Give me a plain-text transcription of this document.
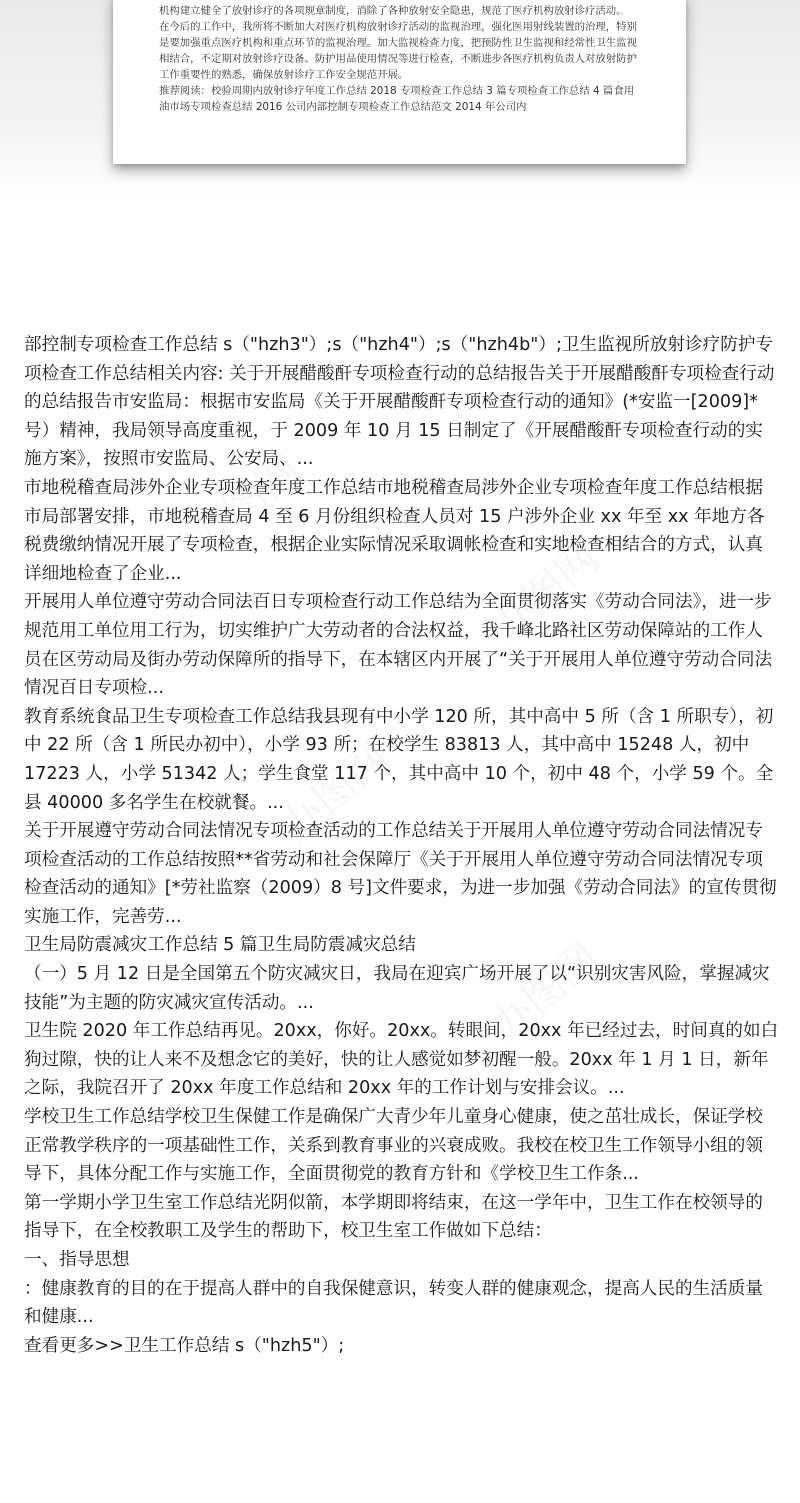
机构建立健全了放射诊疗的各项规章制度，消除了各种放射安全隐患，规范了医疗机构放射诊疗活动。

在今后的工作中，我所将不断加大对医疗机构放射诊疗活动的监视治理，强化医用射线装置的治理，特别是要加强重点医疗机构和重点环节的监视治理。加大监视检查力度，把预防性卫生监视和经常性卫生监视相结合，不定期对放射诊疗设备、防护用品使用情况等进行检查，不断进步各医疗机构负责人对放射防护工作重要性的熟悉，确保放射诊疗工作安全规范开展。

推荐阅读：校验周期内放射诊疗年度工作总结 2018 专项检查工作总结 3 篇专项检查工作总结 4 篇食用油市场专项检查总结 2016 公司内部控制专项检查工作总结范文 2014 年公司内

部控制专项检查工作总结 s（"hzh3"）;s（"hzh4"）;s（"hzh4b"）;卫生监视所放射诊疗防护专项检查工作总结相关内容: 关于开展醋酸酐专项检查行动的总结报告关于开展醋酸酐专项检查行动的总结报告市安监局：根据市安监局《关于开展醋酸酐专项检查行动的通知》(*安监一[2009]*号）精神，我局领导高度重视，于 2009 年 10 月 15 日制定了《开展醋酸酐专项检查行动的实施方案》，按照市安监局、公安局、...

市地税稽查局涉外企业专项检查年度工作总结市地税稽查局涉外企业专项检查年度工作总结根据市局部署安排，市地税稽查局 4 至 6 月份组织检查人员对 15 户涉外企业 xx 年至 xx 年地方各税费缴纳情况开展了专项检查，根据企业实际情况采取调帐检查和实地检查相结合的方式，认真详细地检查了企业...

开展用人单位遵守劳动合同法百日专项检查行动工作总结为全面贯彻落实《劳动合同法》，进一步规范用工单位用工行为，切实维护广大劳动者的合法权益，我千峰北路社区劳动保障站的工作人员在区劳动局及街办劳动保障所的指导下，在本辖区内开展了“关于开展用人单位遵守劳动合同法情况百日专项检...

教育系统食品卫生专项检查工作总结我县现有中小学 120 所，其中高中 5 所（含 1 所职专），初中 22 所（含 1 所民办初中），小学 93 所；在校学生 83813 人，其中高中 15248 人，初中 17223 人，小学 51342 人；学生食堂 117 个，其中高中 10 个，初中 48 个，小学 59 个。全县 40000 多名学生在校就餐。...

关于开展遵守劳动合同法情况专项检查活动的工作总结关于开展用人单位遵守劳动合同法情况专项检查活动的工作总结按照**省劳动和社会保障厅《关于开展用人单位遵守劳动合同法情况专项检查活动的通知》[*劳社监察（2009）8 号]文件要求，为进一步加强《劳动合同法》的宣传贯彻实施工作，完善劳...

卫生局防震减灾工作总结 5 篇卫生局防震减灾总结

（一）5 月 12 日是全国第五个防灾减灾日，我局在迎宾广场开展了以“识别灾害风险，掌握减灾技能”为主题的防灾减灾宣传活动。...

卫生院 2020 年工作总结再见。20xx，你好。20xx。转眼间，20xx 年已经过去，时间真的如白狗过隙，快的让人来不及想念它的美好，快的让人感觉如梦初醒一般。20xx 年 1 月 1 日，新年之际，我院召开了 20xx 年度工作总结和 20xx 年的工作计划与安排会议。...

学校卫生工作总结学校卫生保健工作是确保广大青少年儿童身心健康，使之茁壮成长，保证学校正常教学秩序的一项基础性工作，关系到教育事业的兴衰成败。我校在校卫生工作领导小组的领导下，具体分配工作与实施工作，全面贯彻党的教育方针和《学校卫生工作条...

第一学期小学卫生室工作总结光阴似箭，本学期即将结束，在这一学年中，卫生工作在校领导的指导下，在全校教职工及学生的帮助下，校卫生室工作做如下总结：

一、指导思想

：健康教育的目的在于提高人群中的自我保健意识，转变人群的健康观念，提高人民的生活质量和健康...

查看更多>>卫生工作总结 s（"hzh5"）;
